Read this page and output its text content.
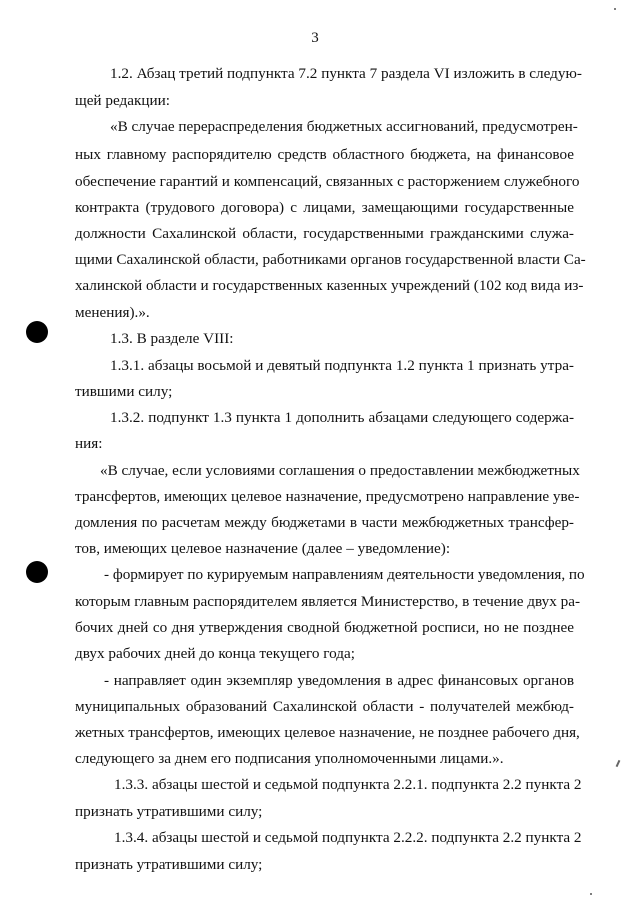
3
1.2. Абзац третий подпункта 7.2 пункта 7 раздела VI изложить в следую-
щей редакции:
«В случае перераспределения бюджетных ассигнований, предусмотрен-
ных главному распорядителю средств областного бюджета, на финансовое
обеспечение гарантий и компенсаций, связанных с расторжением служебного
контракта (трудового договора) с лицами, замещающими государственные
должности Сахалинской области, государственными гражданскими служа-
щими Сахалинской области, работниками органов государственной власти Са-
халинской области и государственных казенных учреждений (102 код вида из-
менения).».
1.3. В разделе VIII:
1.3.1. абзацы восьмой и девятый подпункта 1.2 пункта 1 признать утра-
тившими силу;
1.3.2. подпункт 1.3 пункта 1 дополнить абзацами следующего содержа-
ния:
«В случае, если условиями соглашения о предоставлении межбюджетных
трансфертов, имеющих целевое назначение, предусмотрено направление уве-
домления по расчетам между бюджетами в части межбюджетных трансфер-
тов, имеющих целевое назначение (далее – уведомление):
- формирует по курируемым направлениям деятельности уведомления, по
которым главным распорядителем является Министерство, в течение двух ра-
бочих дней со дня утверждения сводной бюджетной росписи, но не позднее
двух рабочих дней до конца текущего года;
- направляет один экземпляр уведомления в адрес финансовых органов
муниципальных образований Сахалинской области - получателей межбюд-
жетных трансфертов, имеющих целевое назначение, не позднее рабочего дня,
следующего за днем его подписания уполномоченными лицами.».
1.3.3. абзацы шестой и седьмой подпункта 2.2.1. подпункта 2.2 пункта 2
признать утратившими силу;
1.3.4. абзацы шестой и седьмой подпункта 2.2.2. подпункта 2.2 пункта 2
признать утратившими силу;
